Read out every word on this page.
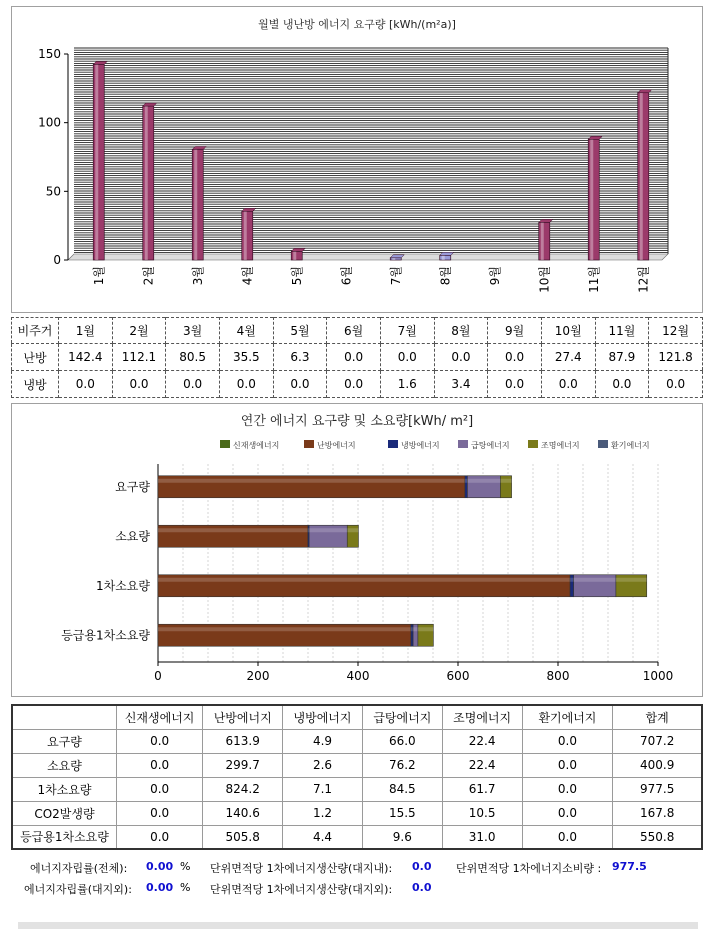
월별 냉난방 에너지 요구량 [kWh/(m²a)]
150
100
50
0
1월	2월	3월	4월	5월	6월	7월	8월	9월	10월	11월	12월
비주거	1월	2월	3월	4월	5월	6월	7월	8월	9월	10월	11월	12월
난방	142.4	112.1	80.5	35.5	6.3	0.0	0.0	0.0	0.0	27.4	87.9	121.8
냉방	0.0	0.0	0.0	0.0	0.0	0.0	1.6	3.4	0.0	0.0	0.0	0.0
연간 에너지 요구량 및 소요량[kWh/ m²]
신재생에너지	난방에너지	냉방에너지	급탕에너지	조명에너지	환기에너지
0	200	400	600	800	1000
요구량
소요량
1차소요량
등급용1차소요량
	신재생에너지	난방에너지	냉방에너지	급탕에너지	조명에너지	환기에너지	합계
요구량	0.0	613.9	4.9	66.0	22.4	0.0	707.2
소요량	0.0	299.7	2.6	76.2	22.4	0.0	400.9
1차소요량	0.0	824.2	7.1	84.5	61.7	0.0	977.5
CO2발생량	0.0	140.6	1.2	15.5	10.5	0.0	167.8
등급용1차소요량	0.0	505.8	4.4	9.6	31.0	0.0	550.8
에너지자립률(전체): 0.00 % 단위면적당 1차에너지생산량(대지내): 0.0 단위면적당 1차에너지소비량 : 977.5
에너지자립률(대지외): 0.00 % 단위면적당 1차에너지생산량(대지외): 0.0
